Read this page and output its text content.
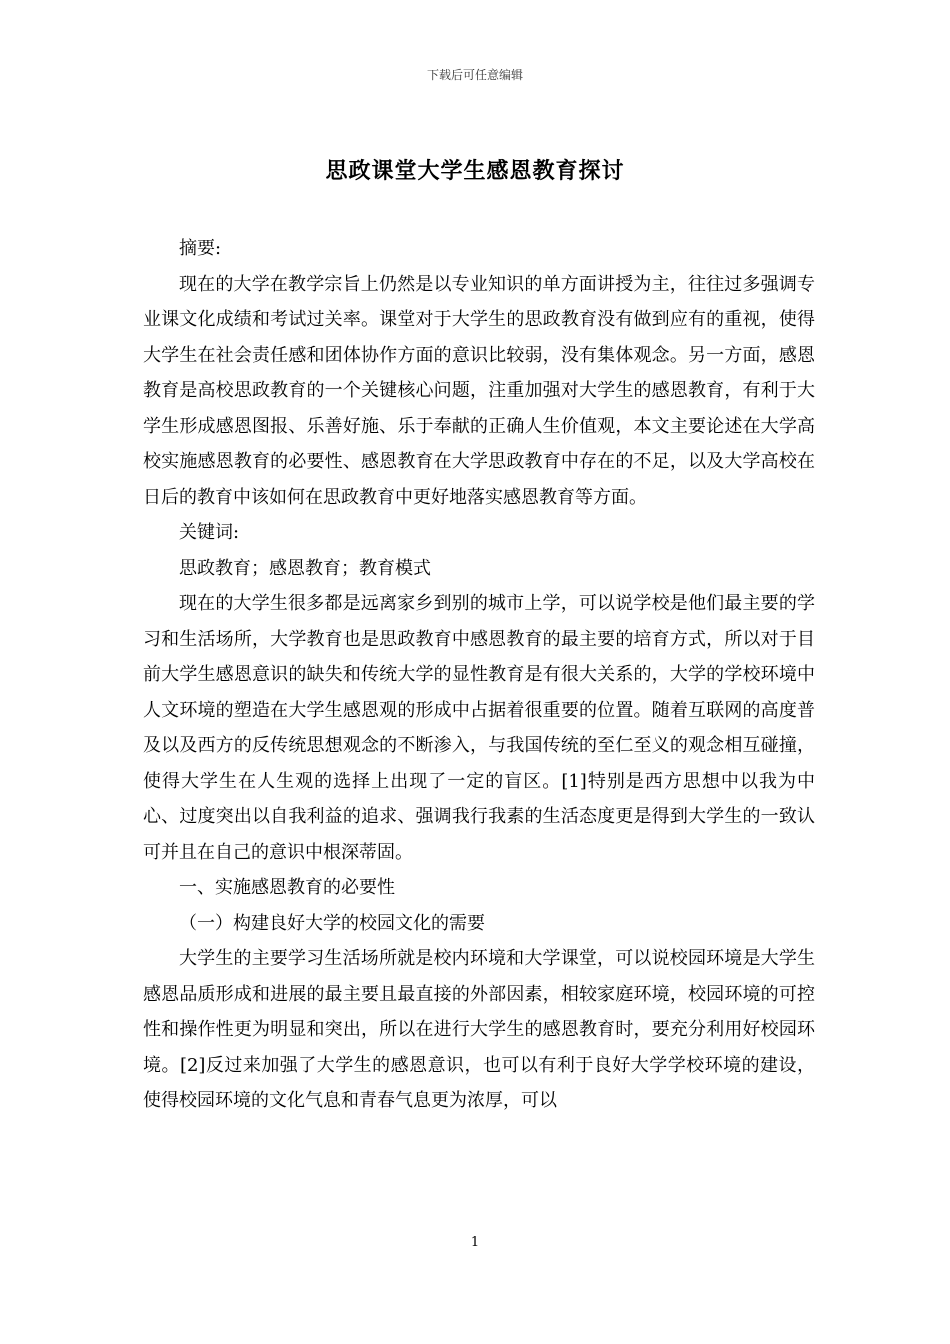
下载后可任意编辑
思政课堂大学生感恩教育探讨

摘要:

现在的大学在教学宗旨上仍然是以专业知识的单方面讲授为主，往往过多强调专业课文化成绩和考试过关率。课堂对于大学生的思政教育没有做到应有的重视，使得大学生在社会责任感和团体协作方面的意识比较弱，没有集体观念。另一方面，感恩教育是高校思政教育的一个关键核心问题，注重加强对大学生的感恩教育，有利于大学生形成感恩图报、乐善好施、乐于奉献的正确人生价值观，本文主要论述在大学高校实施感恩教育的必要性、感恩教育在大学思政教育中存在的不足，以及大学高校在日后的教育中该如何在思政教育中更好地落实感恩教育等方面。

关键词:

思政教育；感恩教育；教育模式

现在的大学生很多都是远离家乡到别的城市上学，可以说学校是他们最主要的学习和生活场所，大学教育也是思政教育中感恩教育的最主要的培育方式，所以对于目前大学生感恩意识的缺失和传统大学的显性教育是有很大关系的，大学的学校环境中人文环境的塑造在大学生感恩观的形成中占据着很重要的位置。随着互联网的高度普及以及西方的反传统思想观念的不断渗入，与我国传统的至仁至义的观念相互碰撞，使得大学生在人生观的选择上出现了一定的盲区。[1]特别是西方思想中以我为中心、过度突出以自我利益的追求、强调我行我素的生活态度更是得到大学生的一致认可并且在自己的意识中根深蒂固。

一、实施感恩教育的必要性

（一）构建良好大学的校园文化的需要

大学生的主要学习生活场所就是校内环境和大学课堂，可以说校园环境是大学生感恩品质形成和进展的最主要且最直接的外部因素，相较家庭环境，校园环境的可控性和操作性更为明显和突出，所以在进行大学生的感恩教育时，要充分利用好校园环境。[2]反过来加强了大学生的感恩意识，也可以有利于良好大学学校环境的建设，使得校园环境的文化气息和青春气息更为浓厚，可以

1
